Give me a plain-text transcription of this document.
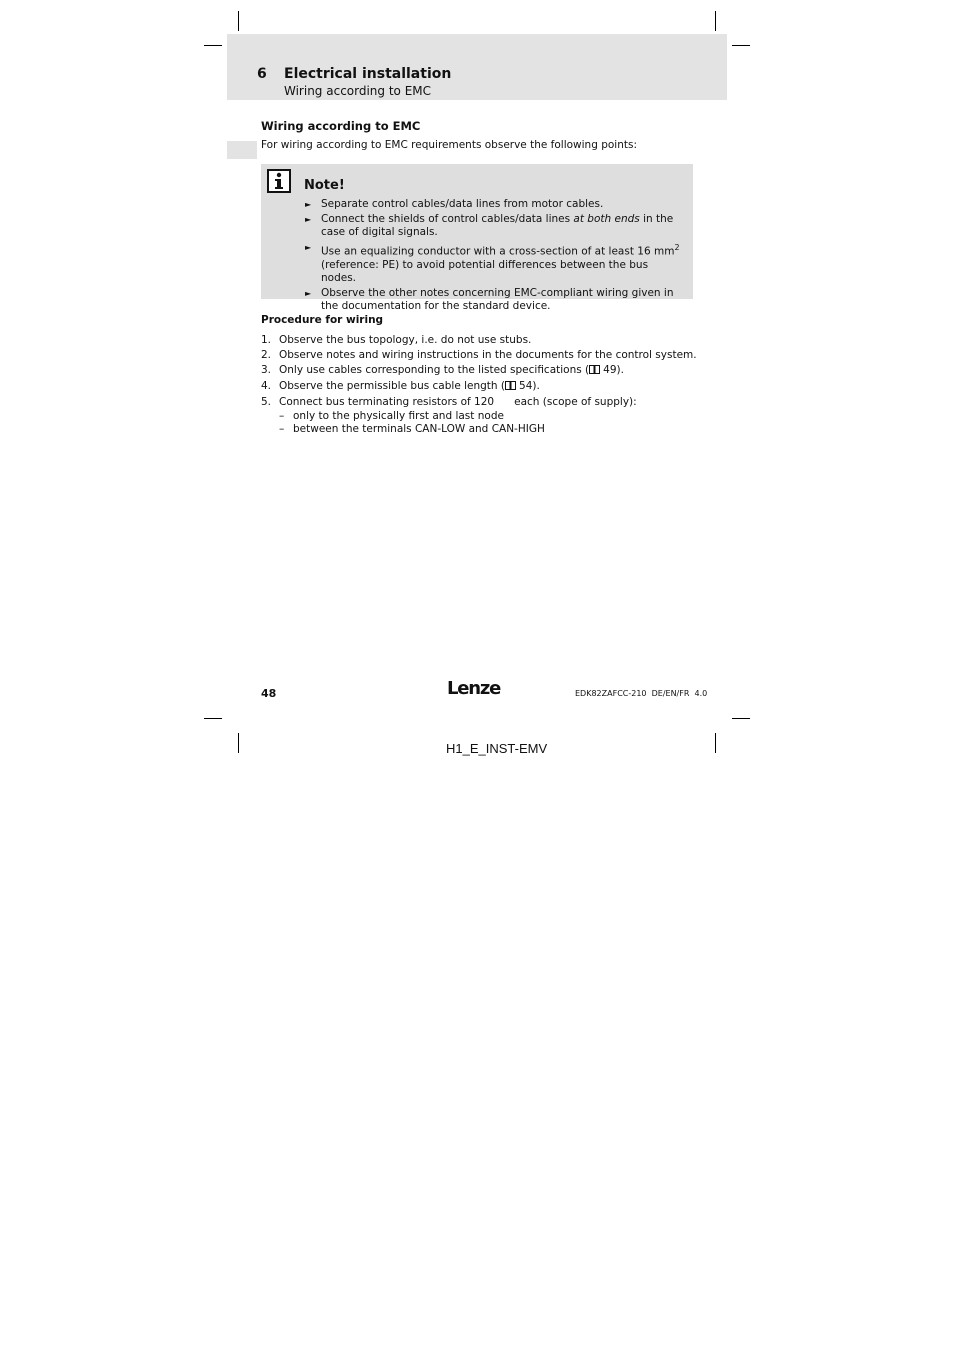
6 Electrical installation
Wiring according to EMC
Wiring according to EMC
For wiring according to EMC requirements observe the following points:
Note!
► Separate control cables/data lines from motor cables.
► Connect the shields of control cables/data lines at both ends in the case of digital signals.
► Use an equalizing conductor with a cross-section of at least 16 $mm^2$
(reference: PE) to avoid potential differences between the bus nodes.
► Observe the other notes concerning EMC-compliant wiring given in the documentation for the standard device.
Procedure for wiring
1. Observe the bus topology, i.e. do not use stubs.
2. Observe notes and wiring instructions in the documents for the control system.
3. Only use cables corresponding to the listed specifications ( 49).
4. Observe the permissible bus cable length ( 54).
5. Connect bus terminating resistors of 120      each (scope of supply):
– only to the physically first and last node
– between the terminals CAN-LOW and CAN-HIGH
48	Lenze	EDK82ZAFCC-210  DE/EN/FR  4.0
H1_E_INST-EMV
